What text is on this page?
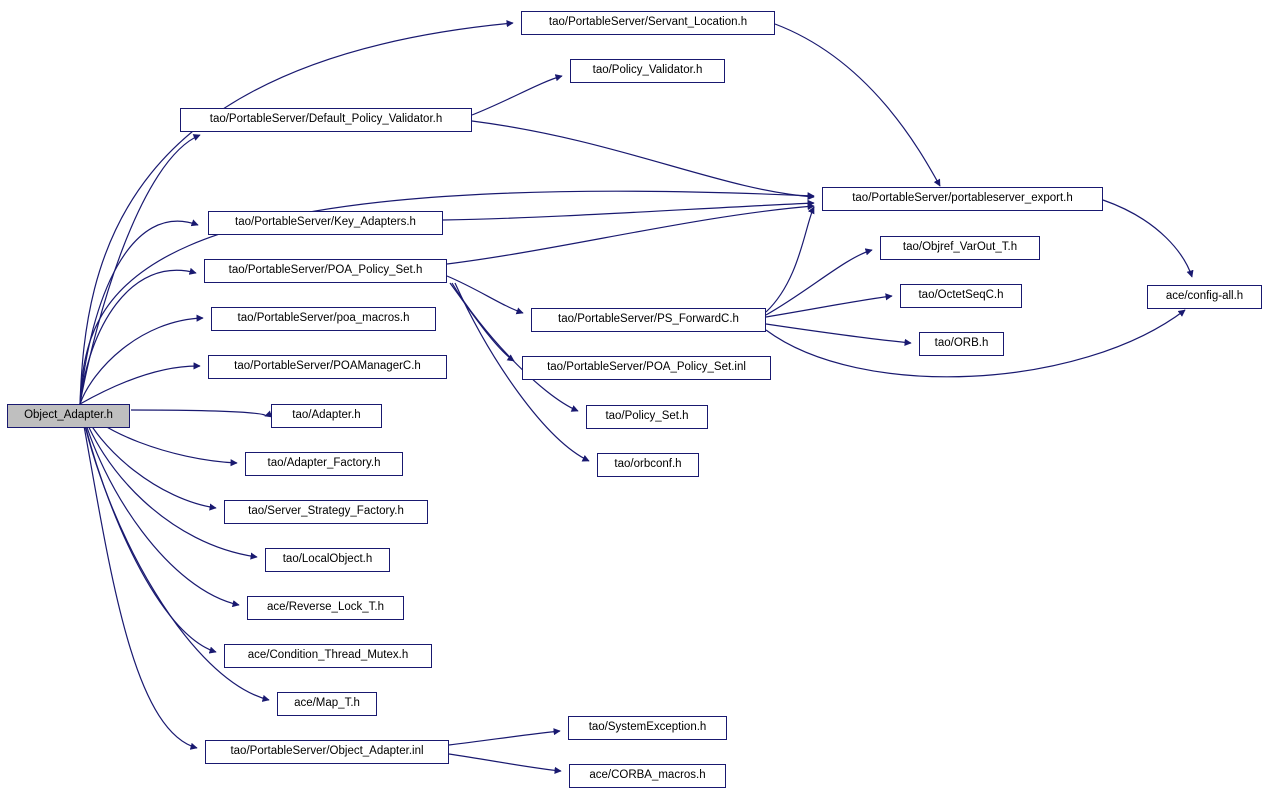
Object_Adapter.h
tao/PortableServer/Servant_Location.h
tao/Policy_Validator.h
tao/PortableServer/Default_Policy_Validator.h
tao/PortableServer/portableserver_export.h
tao/PortableServer/Key_Adapters.h
tao/Objref_VarOut_T.h
tao/PortableServer/POA_Policy_Set.h
tao/OctetSeqC.h	ace/config-all.h
tao/PortableServer/PS_ForwardC.h
tao/PortableServer/poa_macros.h
tao/ORB.h
tao/PortableServer/POAManagerC.h	tao/PortableServer/POA_Policy_Set.inl
tao/Adapter.h	tao/Policy_Set.h
tao/Adapter_Factory.h	tao/orbconf.h
tao/Server_Strategy_Factory.h
tao/LocalObject.h
ace/Reverse_Lock_T.h
ace/Condition_Thread_Mutex.h
ace/Map_T.h
tao/SystemException.h
tao/PortableServer/Object_Adapter.inl
ace/CORBA_macros.h
